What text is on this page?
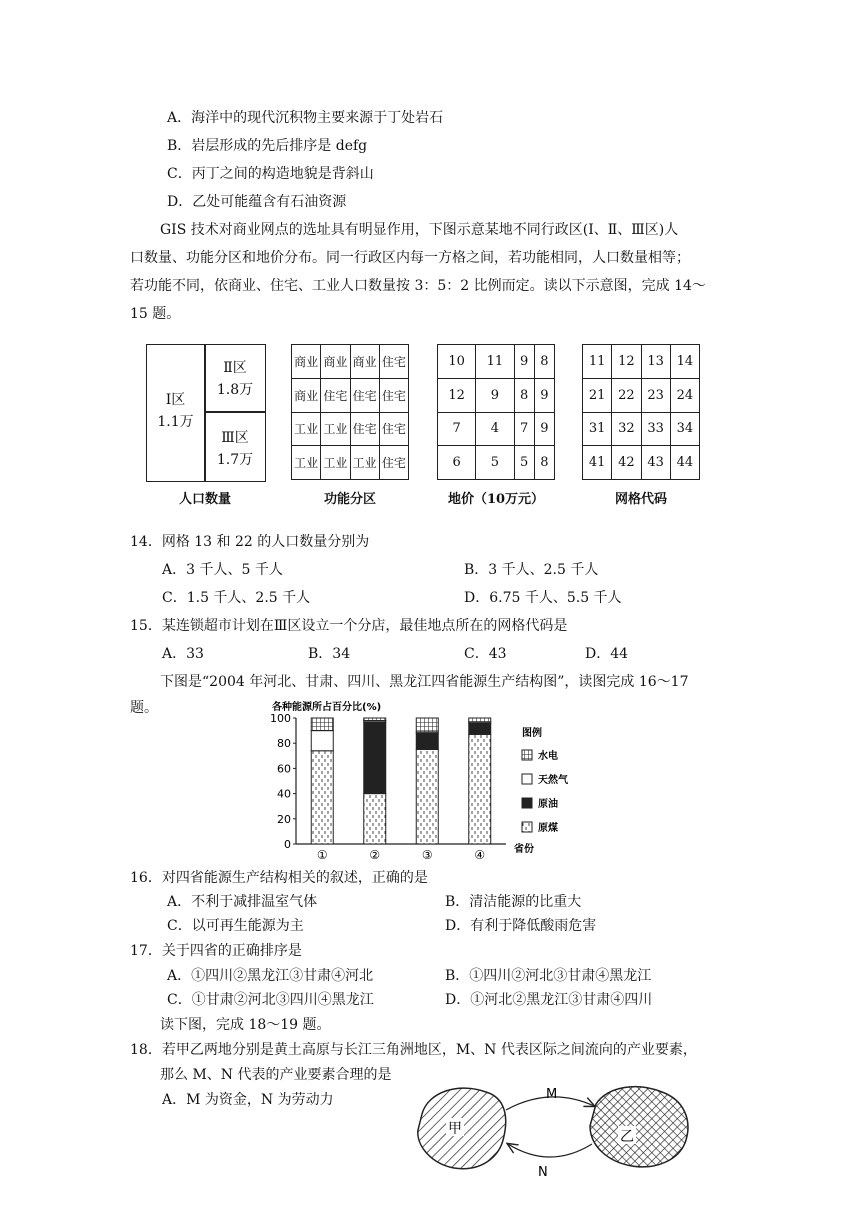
A．海洋中的现代沉积物主要来源于丁处岩石
B．岩层形成的先后排序是 defg
C．丙丁之间的构造地貌是背斜山
D．乙处可能蕴含有石油资源
GIS 技术对商业网点的选址具有明显作用，下图示意某地不同行政区(Ⅰ、Ⅱ、Ⅲ区)人
口数量、功能分区和地价分布。同一行政区内每一方格之间，若功能相同，人口数量相等；
若功能不同，依商业、住宅、工业人口数量按 3：5：2 比例而定。读以下示意图，完成 14～
15 题。
Ⅰ区
1.1万
Ⅱ区
1.8万
Ⅲ区
1.7万
人口数量
商业	商业	商业	住宅
商业	住宅	住宅	住宅
工业	工业	住宅	住宅
工业	工业	工业	住宅
功能分区
10	11	9	8
12	9	8	9
7	4	7	9
6	5	5	8
地价（10万元）
11	12	13	14
21	22	23	24
31	32	33	34
41	42	43	44
网格代码
14．网格 13 和 22 的人口数量分别为
A．3 千人、5 千人	B．3 千人、2.5 千人
C．1.5 千人、2.5 千人	D．6.75 千人、5.5 千人
15．某连锁超市计划在Ⅲ区设立一个分店，最佳地点所在的网格代码是
A．33	B．34	C．43	D．44
下图是“2004 年河北、甘肃、四川、黑龙江四省能源生产结构图”，读图完成 16～17
题。	各种能源所占百分比(%)
0
20
40
60
80
100
①	②	③	④	省份
图例
水电
天然气
原油
原煤
16．对四省能源生产结构相关的叙述，正确的是
A．不利于减排温室气体	B．清洁能源的比重大
C．以可再生能源为主	D．有利于降低酸雨危害
17．关于四省的正确排序是
A．①四川②黑龙江③甘肃④河北	B．①四川②河北③甘肃④黑龙江
C．①甘肃②河北③四川④黑龙江	D．①河北②黑龙江③甘肃④四川
读下图，完成 18～19 题。
18．若甲乙两地分别是黄土高原与长江三角洲地区，M、N 代表区际之间流向的产业要素，
那么 M、N 代表的产业要素合理的是
A．M 为资金，N 为劳动力
甲	乙
M
N
